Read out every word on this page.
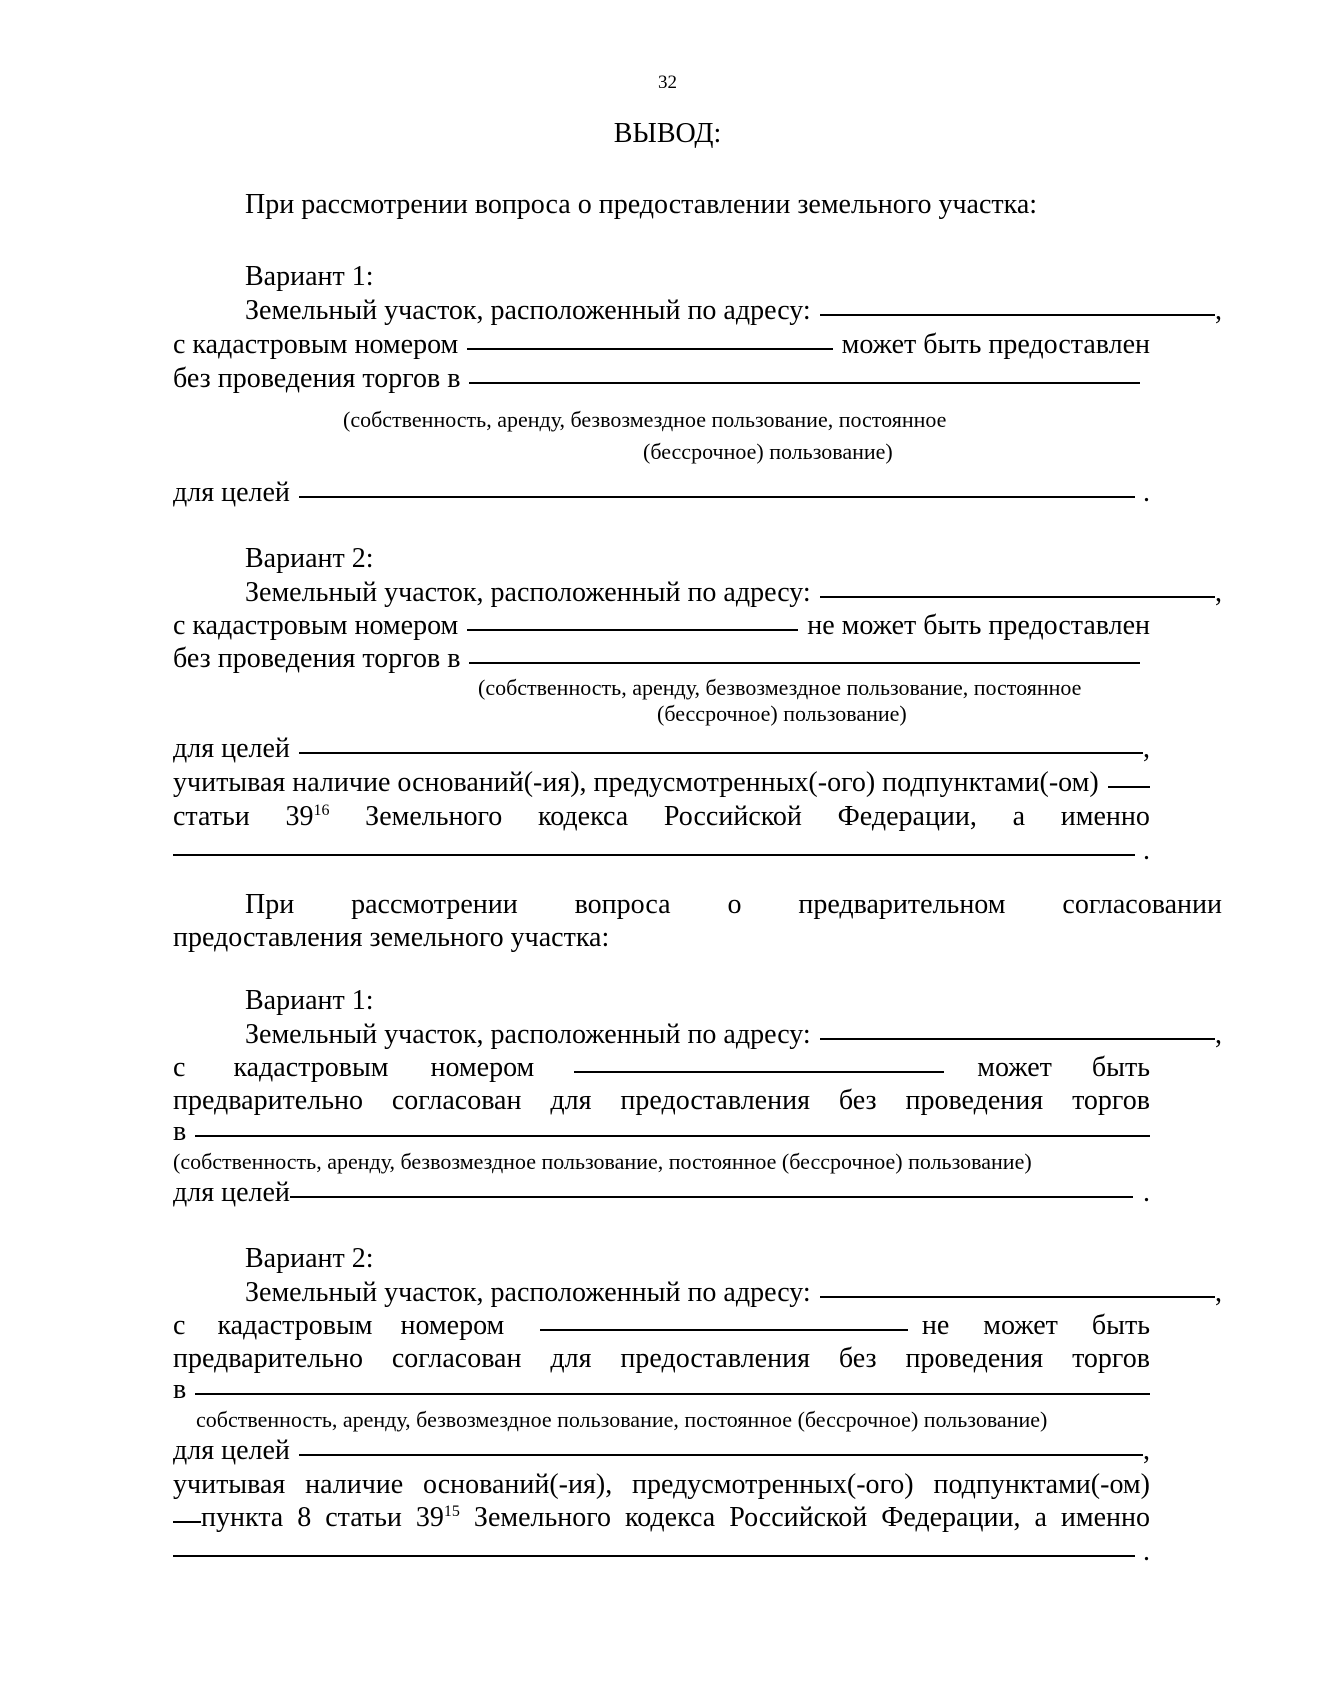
32
ВЫВОД:
При рассмотрении вопроса о предоставлении земельного участка:
Вариант 1:
Земельный участок, расположенный по адресу:	,
с кадастровым номером	может быть предоставлен
без проведения торгов в
(собственность, аренду, безвозмездное пользование, постоянное
(бессрочное) пользование)
для целей	.
Вариант 2:
Земельный участок, расположенный по адресу:	,
с кадастровым номером	не может быть предоставлен
без проведения торгов в
(собственность, аренду, безвозмездное пользование, постоянное
(бессрочное) пользование)
для целей	,
учитывая наличие оснований(-ия), предусмотренных(-ого) подпунктами(-ом)
статьи $39^{16}$ Земельного кодекса Российской Федерации, а именно
.
При рассмотрении вопроса о предварительном согласовании
предоставления земельного участка:
Вариант 1:
Земельный участок, расположенный по адресу:	,
с кадастровым номером	может быть
предварительно согласован для предоставления без проведения торгов
в
(собственность, аренду, безвозмездное пользование, постоянное (бессрочное) пользование)
для целей	.
Вариант 2:
Земельный участок, расположенный по адресу:	,
с кадастровым номером	не может быть
предварительно согласован для предоставления без проведения торгов
в
собственность, аренду, безвозмездное пользование, постоянное (бессрочное) пользование)
для целей	,
учитывая наличие оснований(-ия), предусмотренных(-ого) подпунктами(-ом)
пункта 8 статьи $39^{15}$ Земельного кодекса Российской Федерации, а именно
.
